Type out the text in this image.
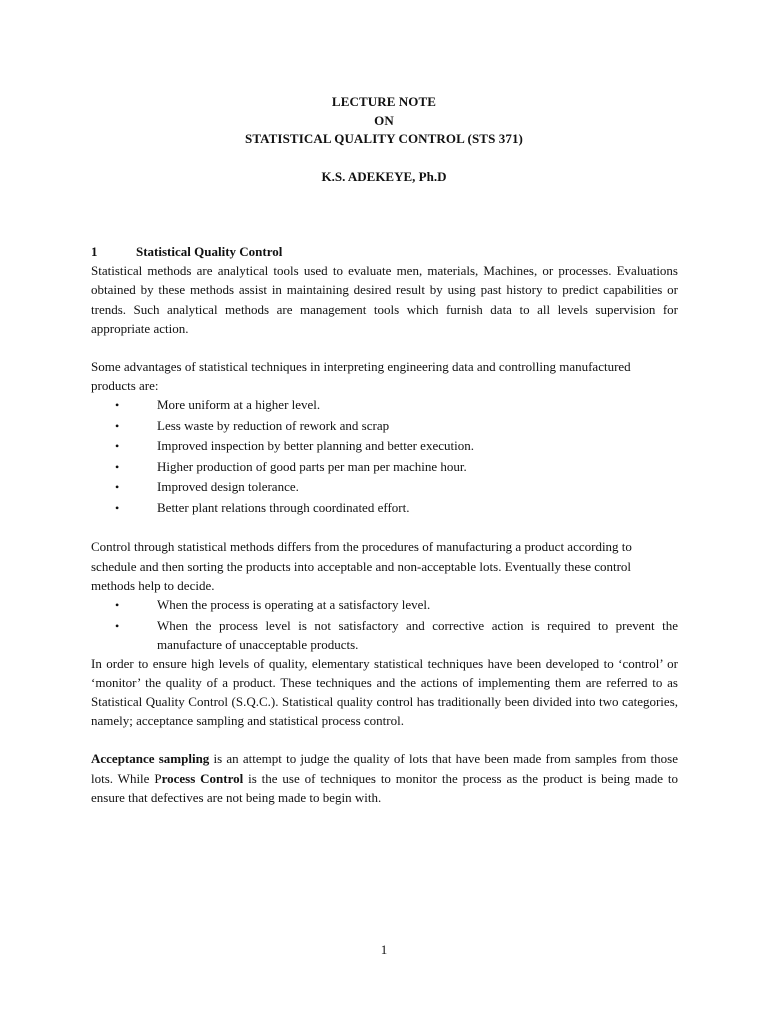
LECTURE NOTE
ON
STATISTICAL QUALITY CONTROL (STS 371)
K.S. ADEKEYE, Ph.D
1	Statistical Quality Control

Statistical methods are analytical tools used to evaluate men, materials, Machines, or processes. Evaluations obtained by these methods assist in maintaining desired result by using past history to predict capabilities or trends. Such analytical methods are management tools which furnish data to all levels supervision for appropriate action.

Some advantages of statistical techniques in interpreting engineering data and controlling manufactured products are:

•	More uniform at a higher level.
•	Less waste by reduction of rework and scrap
•	Improved inspection by better planning and better execution.
•	Higher production of good parts per man per machine hour.
•	Improved design tolerance.
•	Better plant relations through coordinated effort.

Control through statistical methods differs from the procedures of manufacturing a product according to schedule and then sorting the products into acceptable and non-acceptable lots. Eventually these control methods help to decide.

•	When the process is operating at a satisfactory level.
•	When the process level is not satisfactory and corrective action is required to prevent the manufacture of unacceptable products.

In order to ensure high levels of quality, elementary statistical techniques have been developed to ‘control’ or ‘monitor’ the quality of a product. These techniques and the actions of implementing them are referred to as Statistical Quality Control (S.Q.C.). Statistical quality control has traditionally been divided into two categories, namely; acceptance sampling and statistical process control.

Acceptance sampling is an attempt to judge the quality of lots that have been made from samples from those lots. While Process Control is the use of techniques to monitor the process as the product is being made to ensure that defectives are not being made to begin with.

1
